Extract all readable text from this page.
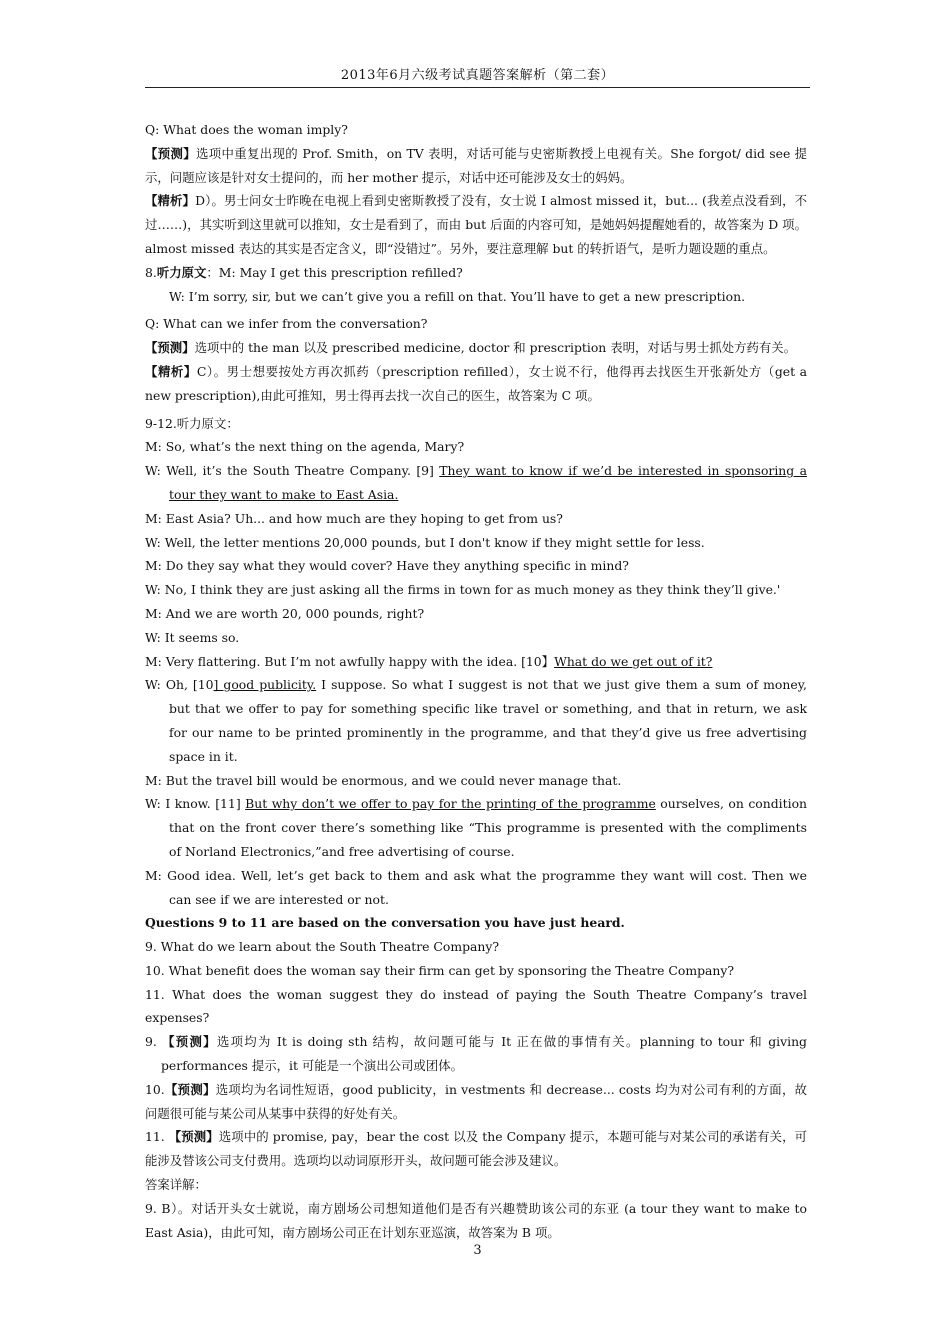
2013年6月六级考试真题答案解析（第二套）

Q: What does the woman imply?

【预测】选项中重复出现的 Prof. Smith，on TV 表明，对话可能与史密斯教授上电视有关。She forgot/ did see 提示，问题应该是针对女士提问的，而 her mother 提示，对话中还可能涉及女士的妈妈。

【精析】D）。男士问女士昨晚在电视上看到史密斯教授了没有，女士说 I almost missed it，but... (我差点没看到，不过……)，其实听到这里就可以推知，女士是看到了，而由 but 后面的内容可知，是她妈妈提醒她看的，故答案为 D 项。almost missed 表达的其实是否定含义，即“没错过”。另外，要注意理解 but 的转折语气，是听力题设题的重点。

8.听力原文：M: May I get this prescription refilled?

W: I’m sorry, sir, but we can’t give you a refill on that. You’ll have to get a new prescription.

Q: What can we infer from the conversation?

【预测】选项中的 the man 以及 prescribed medicine, doctor 和 prescription 表明，对话与男士抓处方药有关。

【精析】C）。男士想要按处方再次抓药（prescription refilled），女士说不行，他得再去找医生开张新处方（get a new prescription),由此可推知，男士得再去找一次自己的医生，故答案为 C 项。

9-12.听力原文：

M: So, what’s the next thing on the agenda, Mary?

W: Well, it’s the South Theatre Company. [9] They want to know if we’d be interested in sponsoring a tour they want to make to East Asia.

M: East Asia? Uh... and how much are they hoping to get from us?

W: Well, the letter mentions 20,000 pounds, but I don't know if they might settle for less.

M: Do they say what they would cover? Have they anything specific in mind?

W: No, I think they are just asking all the firms in town for as much money as they think they’ll give.'

M: And we are worth 20, 000 pounds, right?

W: It seems so.

M: Very flattering. But I’m not awfully happy with the idea. [10】What do we get out of it?

W: Oh, [10] good publicity. I suppose. So what I suggest is not that we just give them a sum of money, but that we offer to pay for something specific like travel or something, and that in return, we ask for our name to be printed prominently in the programme, and that they’d give us free advertising space in it.

M: But the travel bill would be enormous, and we could never manage that.

W: I know. [11] But why don’t we offer to pay for the printing of the programme ourselves, on condition that on the front cover there’s something like “This programme is presented with the compliments of Norland Electronics,”and free advertising of course.

M: Good idea. Well, let’s get back to them and ask what the programme they want will cost. Then we can see if we are interested or not.

Questions 9 to 11 are based on the conversation you have just heard.

9. What do we learn about the South Theatre Company?

10. What benefit does the woman say their firm can get by sponsoring the Theatre Company?

11. What does the woman suggest they do instead of paying the South Theatre Company’s travel expenses?

9. 【预测】选项均为 It is doing sth 结构，故问题可能与 It 正在做的事情有关。planning to tour 和 giving performances 提示，it 可能是一个演出公司或团体。

10.【预测】选项均为名词性短语，good publicity，in vestments 和 decrease... costs 均为对公司有利的方面，故问题很可能与某公司从某事中获得的好处有关。

11. 【预测】选项中的 promise, pay，bear the cost 以及 the Company 提示，本题可能与对某公司的承诺有关，可能涉及替该公司支付费用。选项均以动词原形开头，故问题可能会涉及建议。

答案详解：

9. B）。对话开头女士就说，南方剧场公司想知道他们是否有兴趣赞助该公司的东亚 (a tour they want to make to East Asia)，由此可知，南方剧场公司正在计划东亚巡演，故答案为 B 项。

3
